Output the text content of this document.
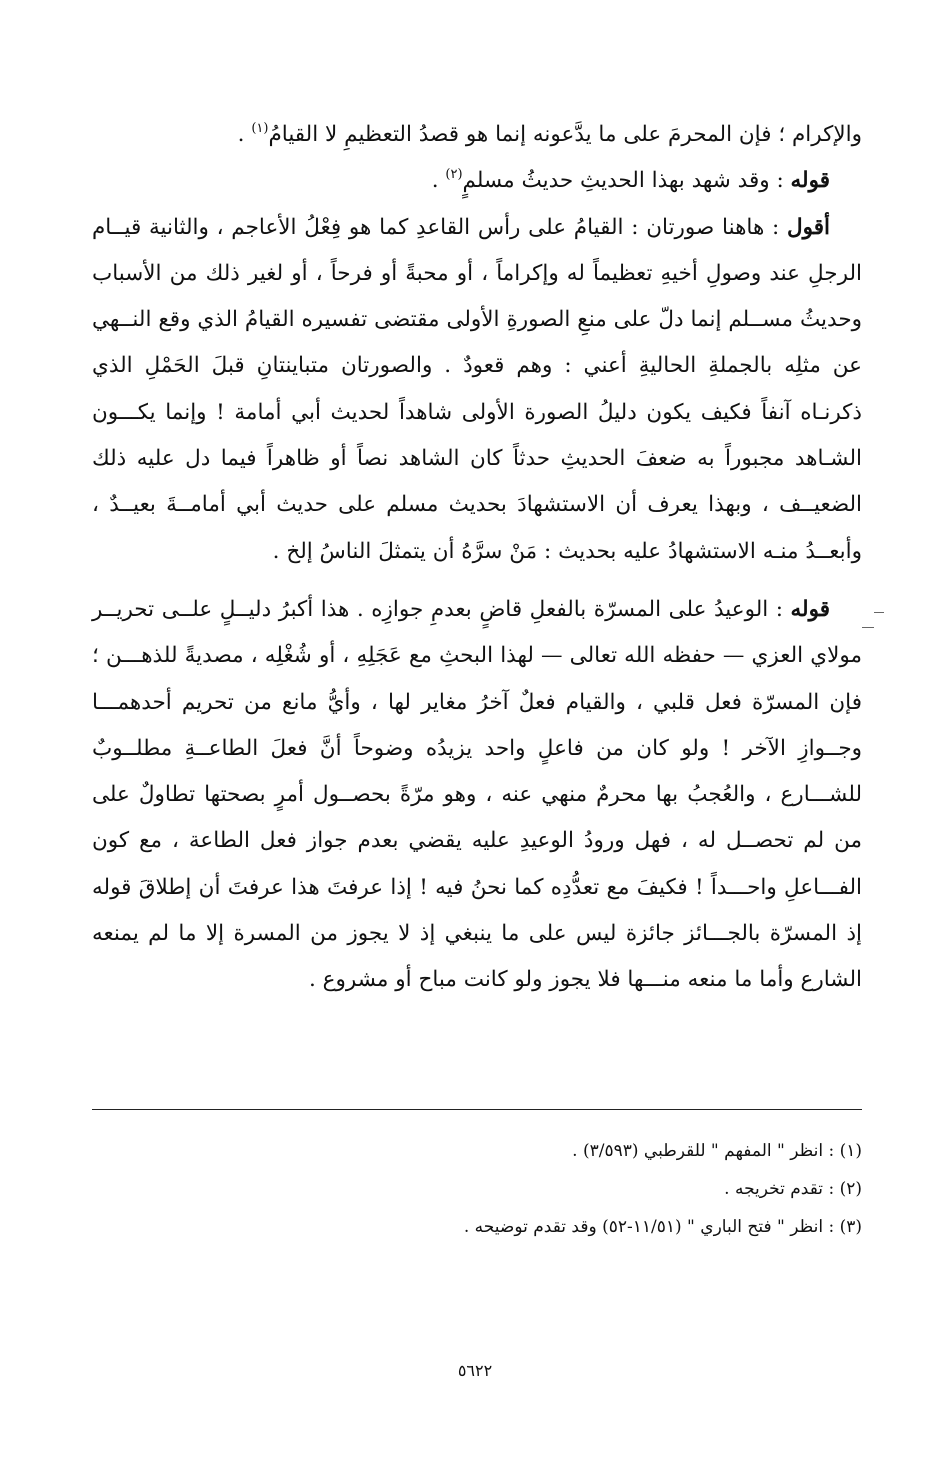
والإكرام ؛ فإن المحرمَ على ما يدَّعونه إنما هو قصدُ التعظيمِ لا القيامُ$^{(١)}$ .

قوله : وقد شهد بهذا الحديثِ حديثُ مسلمٍ$^{(٢)}$ .

أقول : هاهنا صورتان : القيامُ على رأس القاعدِ كما هو فِعْلُ الأعاجم ، والثانية قيــام الرجلِ عند وصولِ أخيهِ تعظيماً له وإكراماً ، أو محبةً أو فرحاً ، أو لغير ذلك من الأسباب وحديثُ مســلم إنما دلّ على منعِ الصورةِ الأولى مقتضى تفسيره القيامُ الذي وقع النــهي عن مثلِه بالجملةِ الحاليةِ أعني : وهم قعودٌ . والصورتان متباينتانِ قبلَ الحَمْلِ الذي ذكرنـاه آنفاً فكيف يكون دليلُ الصورة الأولى شاهداً لحديث أبي أمامة ! وإنما يكـــون الشـاهد مجبوراً به ضعفَ الحديثِ حدثاً كان الشاهد نصاً أو ظاهراً فيما دل عليه ذلك الضعيــف ، وبهذا يعرف أن الاستشهادَ بحديث مسلم على حديث أبي أمامــةَ بعيــدٌ ، وأبعــدُ منـه الاستشهادُ عليه بحديث : مَنْ سرَّهُ أن يتمثلَ الناسُ إلخ .

قوله : الوعيدُ على المسرّة بالفعلِ قاضٍ بعدمِ جوازِه . هذا أكبرُ دليــلٍ علــى تحريــر مولاي العزي — حفظه الله تعالى — لهذا البحثِ مع عَجَلِهِ ، أو شُغْلِه ، مصديةً للذهـــن ؛ فإن المسرّة فعل قلبي ، والقيام فعلٌ آخرُ مغاير لها ، وأيُّ مانع من تحريم أحدهمـــا وجــوازِ الآخر ! ولو كان من فاعلٍ واحد يزيدُه وضوحاً أنَّ فعلَ الطاعــةِ مطلــوبٌ للشـــارع ، والعُجبُ بها محرمٌ منهي عنه ، وهو مرّةً بحصــول أمرٍ بصحتها تطاولٌ على من لم تحصــل له ، فهل ورودُ الوعيدِ عليه يقضي بعدم جواز فعل الطاعة ، مع كون الفـــاعلِ واحـــداً ! فكيفَ مع تعدُّدِه كما نحنُ فيه ! إذا عرفتَ هذا عرفتَ أن إطلاقَ قوله إذ المسرّة بالجـــائز جائزة ليس على ما ينبغي إذ لا يجوز من المسرة إلا ما لم يمنعه الشارع وأما ما منعه منـــها فلا يجوز ولو كانت مباح أو مشروع .

(١) : انظر " المفهم " للقرطبي (٣/٥٩٣) .

(٢) : تقدم تخريجه .

(٣) : انظر " فتح الباري " (١١/٥١-٥٢) وقد تقدم توضيحه .

٥٦٢٢
